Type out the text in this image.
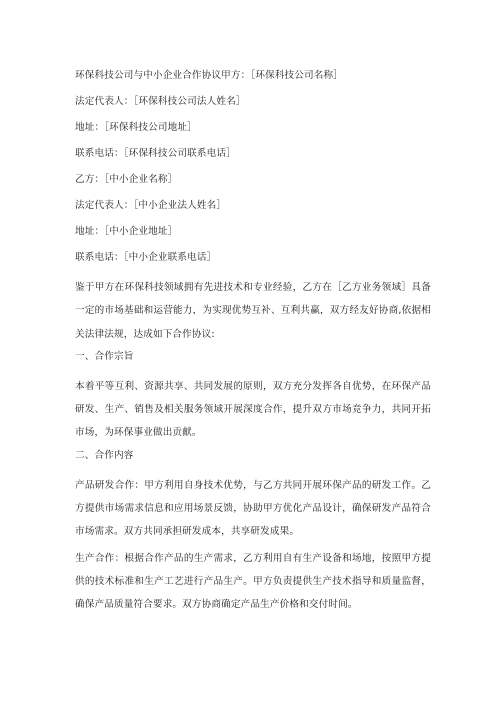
环保科技公司与中小企业合作协议甲方：［环保科技公司名称］
法定代表人：［环保科技公司法人姓名］
地址：［环保科技公司地址］
联系电话：［环保科技公司联系电话］
乙方：［中小企业名称］
法定代表人：［中小企业法人姓名］
地址：［中小企业地址］
联系电话：［中小企业联系电话］
鉴于甲方在环保科技领域拥有先进技术和专业经验，乙方在［乙方业务领域］具备一定的市场基础和运营能力，为实现优势互补、互利共赢，双方经友好协商,依据相关法律法规，达成如下合作协议:
一、合作宗旨
本着平等互利、资源共享、共同发展的原则，双方充分发挥各自优势，在环保产品研发、生产、销售及相关服务领域开展深度合作，提升双方市场竞争力，共同开拓市场，为环保事业做出贡献。
二、合作内容
产品研发合作：甲方利用自身技术优势，与乙方共同开展环保产品的研发工作。乙方提供市场需求信息和应用场景反馈，协助甲方优化产品设计，确保研发产品符合市场需求。双方共同承担研发成本，共享研发成果。
生产合作：根据合作产品的生产需求，乙方利用自有生产设备和场地，按照甲方提供的技术标准和生产工艺进行产品生产。甲方负责提供生产技术指导和质量监督，确保产品质量符合要求。双方协商确定产品生产价格和交付时间。
